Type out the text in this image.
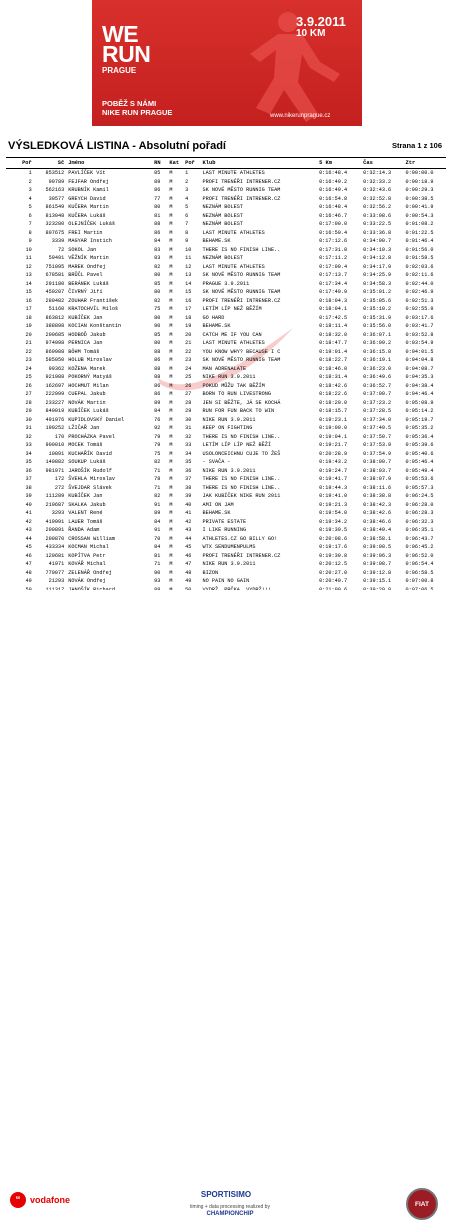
WE
RUN
PRAGUE
3.9.2011
10 KM
POBĚŽ S NÁMI
NIKE RUN PRAGUE	www.nikerunprague.cz
VÝSLEDKOVÁ LISTINA - Absolutní pořadí	Strana 1 z 106
Poř	Sč	Jméno	RN	Kat	Poř	Klub	5 Km	Čas	Ztr
1	853512	PAVLÍČEK Vít	85	M	1	LAST MINUTE ATHLETES	0:16:48.4	0:32:14.3	0:00:00.0
2	90789	FEJFAR Ondřej	89	M	2	PROFI TRENÉŘI INTRENER.CZ	0:16:49.2	0:32:33.2	0:00:18.9
3	562163	KRUBNÍK Kamil	86	M	3	SK NOVÉ MĚSTO RUNNIG TEAM	0:16:49.4	0:32:43.6	0:00:29.3
4	30577	GREYCH David	77	M	4	PROFI TRENÉŘI INTRENER.CZ	0:16:54.8	0:32:52.8	0:00:38.5
5	861549	KUČERA Martin	80	M	5	NEZNÁM BOLEST	0:16:48.4	0:32:56.2	0:00:41.9
6	813048	KUČERA Lukáš	81	M	6	NEZNÁM BOLEST	0:16:46.7	0:33:08.6	0:00:54.3
7	323280	OLEJNÍČEK Lukáš	88	M	7	NEZNÁM BOLEST	0:17:00.0	0:33:22.5	0:01:08.2
8	807675	FREI Martin	86	M	8	LAST MINUTE ATHLETES	0:16:50.4	0:33:36.8	0:01:22.5
9	3339	MAGYAR Instich	84	M	9	BEHAME.SK	0:17:12.6	0:34:00.7	0:01:46.4
10	72	SOKOL Jan	83	M	10	THERE IS NO FINISH LINE..	0:17:31.8	0:34:10.3	0:01:56.0
11	59491	VĚŽNÍK Martin	83	M	11	NEZNÁM BOLEST	0:17:11.2	0:34:12.8	0:01:58.5
12	751095	MAREK Ondřej	82	M	12	LAST MINUTE ATHLETES	0:17:09.4	0:34:17.9	0:02:03.6
13	678581	BRŮČL Pavel	80	M	13	SK NOVÉ MĚSTO RUNNIG TEAM	0:17:13.7	0:34:25.9	0:02:11.6
14	291180	BERÁNEK Lukáš	85	M	14	PRAGUE 3.9.2011	0:17:34.4	0:34:58.3	0:02:44.0
15	450207	ČIVRNÝ Jiří	80	M	15	SK NOVÉ MĚSTO RUNNIG TEAM	0:17:40.9	0:35:01.2	0:02:46.9
16	280482	ZOUHAR František	82	M	16	PROFI TRENÉŘI INTRENER.CZ	0:18:04.3	0:35:05.6	0:02:51.3
17	51160	KRATOCHVÍL Miloš	75	M	17	LETÍM LÍP NEŽ BĚŽÍM	0:18:04.1	0:35:10.2	0:02:55.9
18	863812	KUBÍČEK Jan	80	M	18	GO HARD	0:17:42.5	0:35:31.9	0:03:17.6
19	388898	KOCIAN Konštantín	90	M	19	BEHAME.SK	0:18:11.4	0:35:56.0	0:03:41.7
20	200685	HODBOĎ Jakub	85	M	20	CATCH ME IF YOU CAN	0:18:32.0	0:36:07.1	0:03:52.8
21	974998	PERNICA Jan	80	M	21	LAST MINUTE ATHLETES	0:18:47.7	0:36:09.2	0:03:54.9
22	869988	BÖHM Tomáš	88	M	22	YOU KNOW WHY? BECAUSE I C	0:19:01.4	0:36:15.8	0:04:01.5
23	585050	HOLUB Miroslav	86	M	23	SK NOVÉ MĚSTO RUNNIG TEAM	0:18:22.7	0:36:19.1	0:04:04.8
24	99362	KOŽENA Marek	88	M	24	MAN ADRENALATE	0:18:46.0	0:36:23.0	0:04:08.7
25	921988	POKORNÝ Matyáš	88	M	25	NIKE RUN 3.9.2011	0:18:31.4	0:36:49.6	0:04:35.3
26	162697	HOCHMUT Milan	86	M	26	POKUD MŮŽU TAK BĚŽÍM	0:18:42.6	0:36:52.7	0:04:38.4
27	222999	CUEPAL Jakub	86	M	27	BORN TO RUN LIVESTRONG	0:18:22.6	0:37:00.7	0:04:46.4
28	233227	NOVÁK Martin	89	M	28	JEN SI BĚŽTE, JÁ SE KOCHÁ	0:18:20.0	0:37:23.2	0:05:08.9
29	840019	KUBÍČEK Lukáš	84	M	29	RUN FOR FUN BACK TO WIN	0:18:15.7	0:37:28.5	0:05:14.2
30	491976	KUPIDLOVSKÝ Daniel	76	M	30	NIKE RUN 3.9.2011	0:19:23.1	0:37:34.0	0:05:19.7
31	199252	LŽIČAŘ Jan	92	M	31	KEEP ON FIGHTING	0:19:00.0	0:37:49.5	0:05:35.2
32	170	PROCHÁZKA Pavel	79	M	32	THERE IS NO FINISH LINE..	0:19:04.1	0:37:50.7	0:05:36.4
33	900010	MOCEK Tomáš	79	M	33	LETÍM LÍP LÍP NEŽ BĚŽÍ	0:19:21.7	0:37:53.9	0:05:39.6
34	10891	KUCHAŘÍK David	75	M	34	USOLONCEICHNU CUJE TO ŽEŠ	0:20:28.9	0:37:54.9	0:05:40.6
35	140882	SOUKUP Lukáš	82	M	35	- SVAČA -	0:19:43.2	0:38:00.7	0:05:46.4
36	981971	JAROŠÍK Rudolf	71	M	36	NIKE RUN 3.9.2011	0:19:24.7	0:38:03.7	0:05:49.4
37	172	ŠVEHLA Miroslav	78	M	37	THERE IS NO FINISH LINE..	0:19:41.7	0:38:07.9	0:05:53.6
38	272	ŠVEJDAR Slávek	71	M	38	THERE IS NO FINISH LINE..	0:19:44.3	0:38:11.6	0:05:57.3
39	111289	KUBÍČEK Jan	82	M	39	JAK KUBÍČEK NIKE RUN 2011	0:19:41.0	0:38:38.8	0:06:24.5
40	210687	SKALKA Jakub	91	M	40	AMI ON JAM	0:19:21.3	0:38:42.3	0:06:28.0
41	3293	VALENT René	89	M	41	BEHAME.SK	0:19:54.0	0:38:42.6	0:06:28.3
42	419991	LAUER Tomáš	84	M	42	PRIVATE ESTATE	0:19:34.2	0:38:46.6	0:06:32.3
43	200891	ŘANDA Adam	91	M	43	I LIKE RUNNING	0:19:30.5	0:38:49.4	0:06:35.1
44	200870	CROSSAN William	70	M	44	ATHLETES.CZ GO BILLY GO!	0:20:08.6	0:38:58.1	0:06:43.7
45	433334	KOCMAN Michal	84	M	45	WTX SENDUMENPULMS	0:19:17.6	0:39:00.5	0:06:45.2
46	120681	KOPÍTVA Petr	81	M	46	PROFI TRENÉŘI INTRENER.CZ	0:19:39.8	0:39:06.3	0:06:52.0
47	41971	KOVÁŘ Michal	71	M	47	NIKE RUN 3.9.2011	0:20:12.5	0:39:08.7	0:06:54.4
48	770077	ZELENÁŘ Ondřej	90	M	48	BIZON	0:20:27.0	0:39:12.8	0:06:58.5
49	21293	NOVÁK Ondřej	93	M	49	NO PAIN NO GAIN	0:20:40.7	0:39:15.1	0:07:00.8

“	vodafone
SPORTISIMO
timing + data processing realized by
CHAMPIONCHIP
FIAT
